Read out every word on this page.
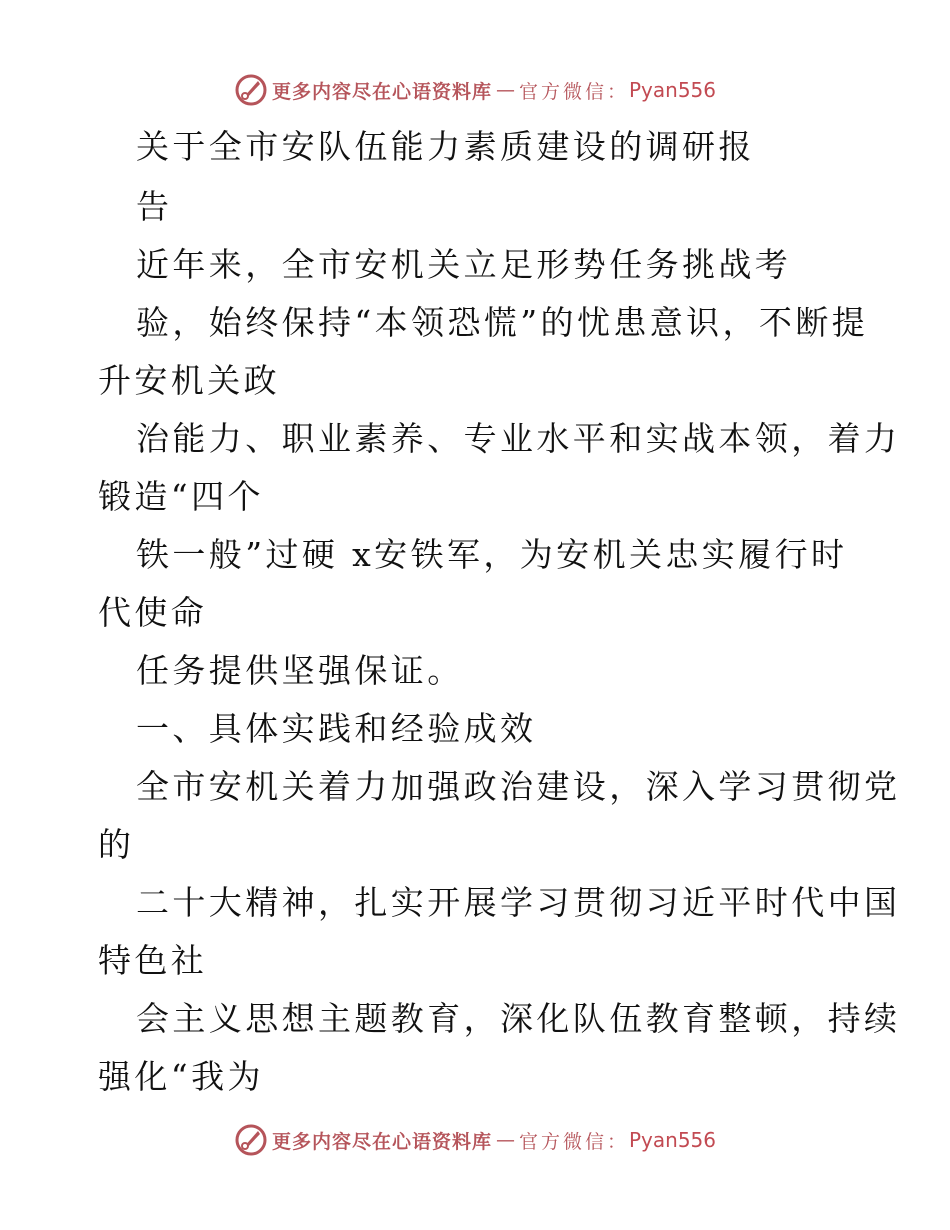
更多内容尽在心语资料库 — 官方微信： Pyan556
关于全市安队伍能力素质建设的调研报
告
近年来，全市安机关立足形势任务挑战考
验，始终保持“本领恐慌”的忧患意识，不断提
升安机关政
治能力、职业素养、专业水平和实战本领，着力
锻造“四个
铁一般”过硬 x安铁军，为安机关忠实履行时
代使命
任务提供坚强保证。
一、具体实践和经验成效
全市安机关着力加强政治建设，深入学习贯彻党
的
二十大精神，扎实开展学习贯彻习近平时代中国
特色社
会主义思想主题教育，深化队伍教育整顿，持续
强化“我为
更多内容尽在心语资料库 — 官方微信： Pyan556
